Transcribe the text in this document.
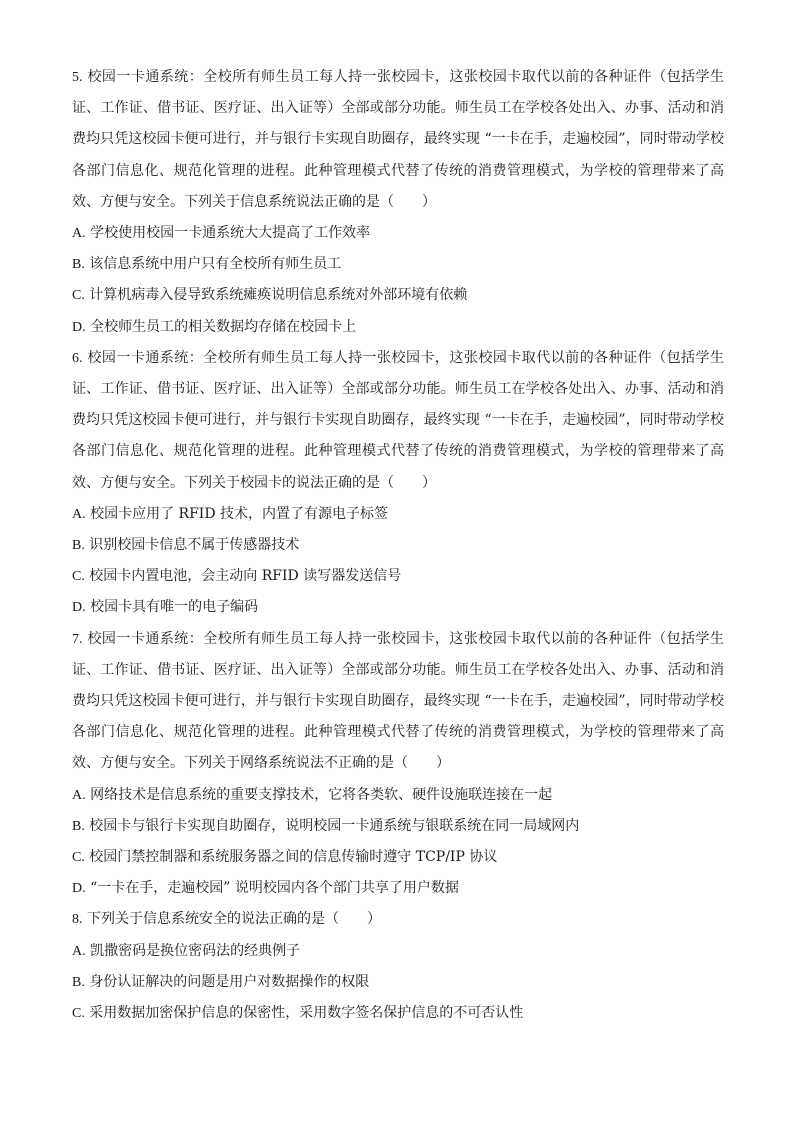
5. 校园一卡通系统：全校所有师生员工每人持一张校园卡，这张校园卡取代以前的各种证件（包括学生证、工作证、借书证、医疗证、出入证等）全部或部分功能。师生员工在学校各处出入、办事、活动和消费均只凭这校园卡便可进行，并与银行卡实现自助圈存，最终实现 “一卡在手，走遍校园”，同时带动学校各部门信息化、规范化管理的进程。此种管理模式代替了传统的消费管理模式，为学校的管理带来了高效、方便与安全。下列关于信息系统说法正确的是（　　）

A. 学校使用校园一卡通系统大大提高了工作效率

B. 该信息系统中用户只有全校所有师生员工

C. 计算机病毒入侵导致系统瘫痪说明信息系统对外部环境有依赖

D. 全校师生员工的相关数据均存储在校园卡上

6. 校园一卡通系统：全校所有师生员工每人持一张校园卡，这张校园卡取代以前的各种证件（包括学生证、工作证、借书证、医疗证、出入证等）全部或部分功能。师生员工在学校各处出入、办事、活动和消费均只凭这校园卡便可进行，并与银行卡实现自助圈存，最终实现 “一卡在手，走遍校园”，同时带动学校各部门信息化、规范化管理的进程。此种管理模式代替了传统的消费管理模式，为学校的管理带来了高效、方便与安全。下列关于校园卡的说法正确的是（　　）

A. 校园卡应用了 RFID 技术，内置了有源电子标签

B. 识别校园卡信息不属于传感器技术

C. 校园卡内置电池，会主动向 RFID 读写器发送信号

D. 校园卡具有唯一的电子编码

7. 校园一卡通系统：全校所有师生员工每人持一张校园卡，这张校园卡取代以前的各种证件（包括学生证、工作证、借书证、医疗证、出入证等）全部或部分功能。师生员工在学校各处出入、办事、活动和消费均只凭这校园卡便可进行，并与银行卡实现自助圈存，最终实现 “一卡在手，走遍校园”，同时带动学校各部门信息化、规范化管理的进程。此种管理模式代替了传统的消费管理模式，为学校的管理带来了高效、方便与安全。下列关于网络系统说法不正确的是（　　）

A. 网络技术是信息系统的重要支撑技术，它将各类软、硬件设施联连接在一起

B. 校园卡与银行卡实现自助圈存，说明校园一卡通系统与银联系统在同一局域网内

C. 校园门禁控制器和系统服务器之间的信息传输时遵守 TCP/IP 协议

D. “一卡在手，走遍校园” 说明校园内各个部门共享了用户数据

8. 下列关于信息系统安全的说法正确的是（　　）

A. 凯撒密码是换位密码法的经典例子

B. 身份认证解决的问题是用户对数据操作的权限

C. 采用数据加密保护信息的保密性，采用数字签名保护信息的不可否认性
